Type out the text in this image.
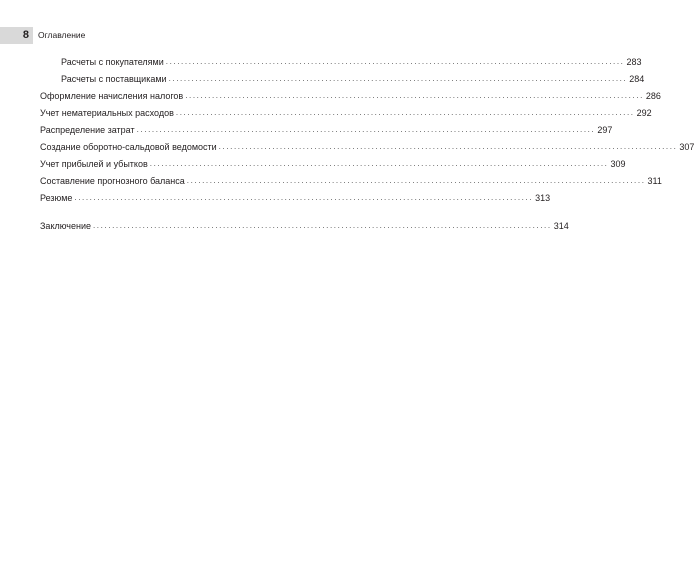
8 Оглавление
Расчеты с покупателями ........................................................................................................................ 283
Расчеты с поставщиками ........................................................................................................................ 284
Оформление начисления налогов ........................................................................................................................ 286
Учет нематериальных расходов ........................................................................................................................ 292
Распределение затрат ........................................................................................................................ 297
Создание оборотно-сальдовой ведомости ........................................................................................................................ 307
Учет прибылей и убытков ........................................................................................................................ 309
Составление прогнозного баланса ........................................................................................................................ 311
Резюме ........................................................................................................................ 313
Заключение ........................................................................................................................ 314
